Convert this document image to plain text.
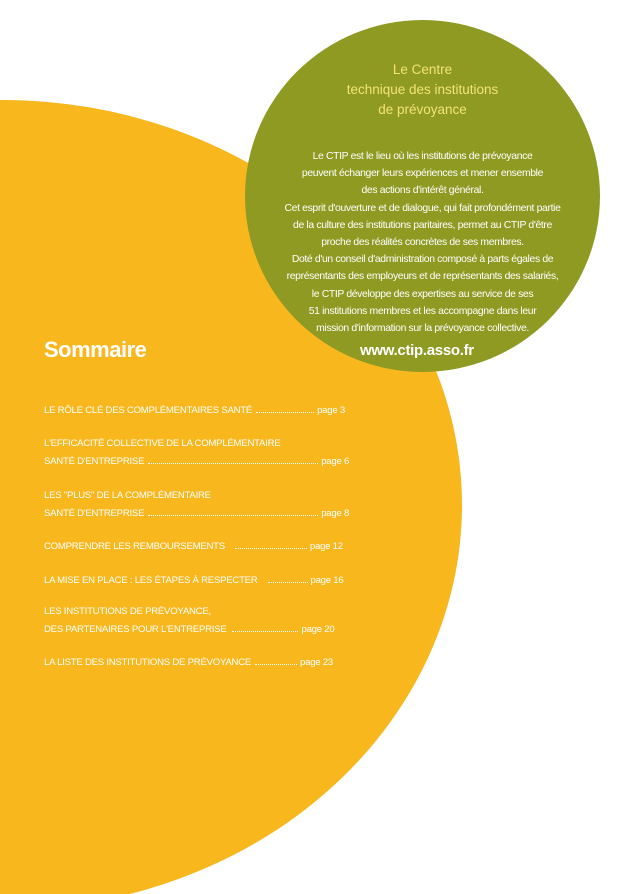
Le Centre
technique des institutions
de prévoyance
Le CTIP est le lieu où les institutions de prévoyance
peuvent échanger leurs expériences et mener ensemble
des actions d'intérêt général.
Cet esprit d'ouverture et de dialogue, qui fait profondément partie
de la culture des institutions paritaires, permet au CTIP d'être
proche des réalités concrètes de ses membres.
Doté d'un conseil d'administration composé à parts égales de
représentants des employeurs et de représentants des salariés,
le CTIP développe des expertises au service de ses
51 institutions membres et les accompagne dans leur
mission d'information sur la prévoyance collective.
www.ctip.asso.fr
Sommaire
LE RÔLE CLÉ DES COMPLÉMENTAIRES SANTÉ	page 3
L'EFFICACITÉ COLLECTIVE DE LA COMPLÉMENTAIRE
SANTÉ D'ENTREPRISE	page 6
LES "PLUS" DE LA COMPLÉMENTAIRE
SANTÉ D'ENTREPRISE	page 8
COMPRENDRE LES REMBOURSEMENTS	page 12
LA MISE EN PLACE : LES ÉTAPES À RESPECTER	page 16
LES INSTITUTIONS DE PRÉVOYANCE,
DES PARTENAIRES POUR L'ENTREPRISE	page 20
LA LISTE DES INSTITUTIONS DE PRÉVOYANCE	page 23
